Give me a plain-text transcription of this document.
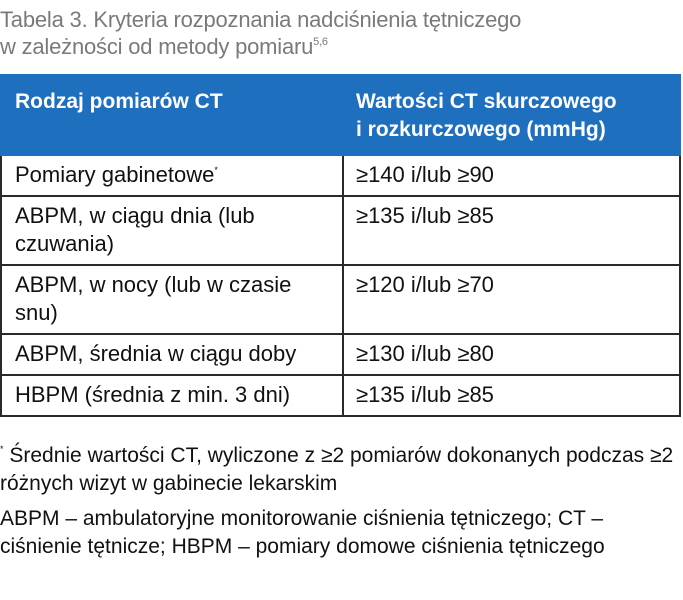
Tabela 3. Kryteria rozpoznania nadciśnienia tętniczego
w zależności od metody pomiaru$^{5,6}$
Rodzaj pomiarów CT	Wartości CT skurczowego
i rozkurczowego (mmHg)
Pomiary gabinetowe*	≥140 i/lub ≥90
ABPM, w ciągu dnia (lub czuwania)	≥135 i/lub ≥85
ABPM, w nocy (lub w czasie snu)	≥120 i/lub ≥70
ABPM, średnia w ciągu doby	≥130 i/lub ≥80
HBPM (średnia z min. 3 dni)	≥135 i/lub ≥85

* Średnie wartości CT, wyliczone z ≥2 pomiarów dokonanych podczas ≥2 różnych wizyt w gabinecie lekarskim

ABPM – ambulatoryjne monitorowanie ciśnienia tętniczego; CT – ciśnienie tętnicze; HBPM – pomiary domowe ciśnienia tętniczego
